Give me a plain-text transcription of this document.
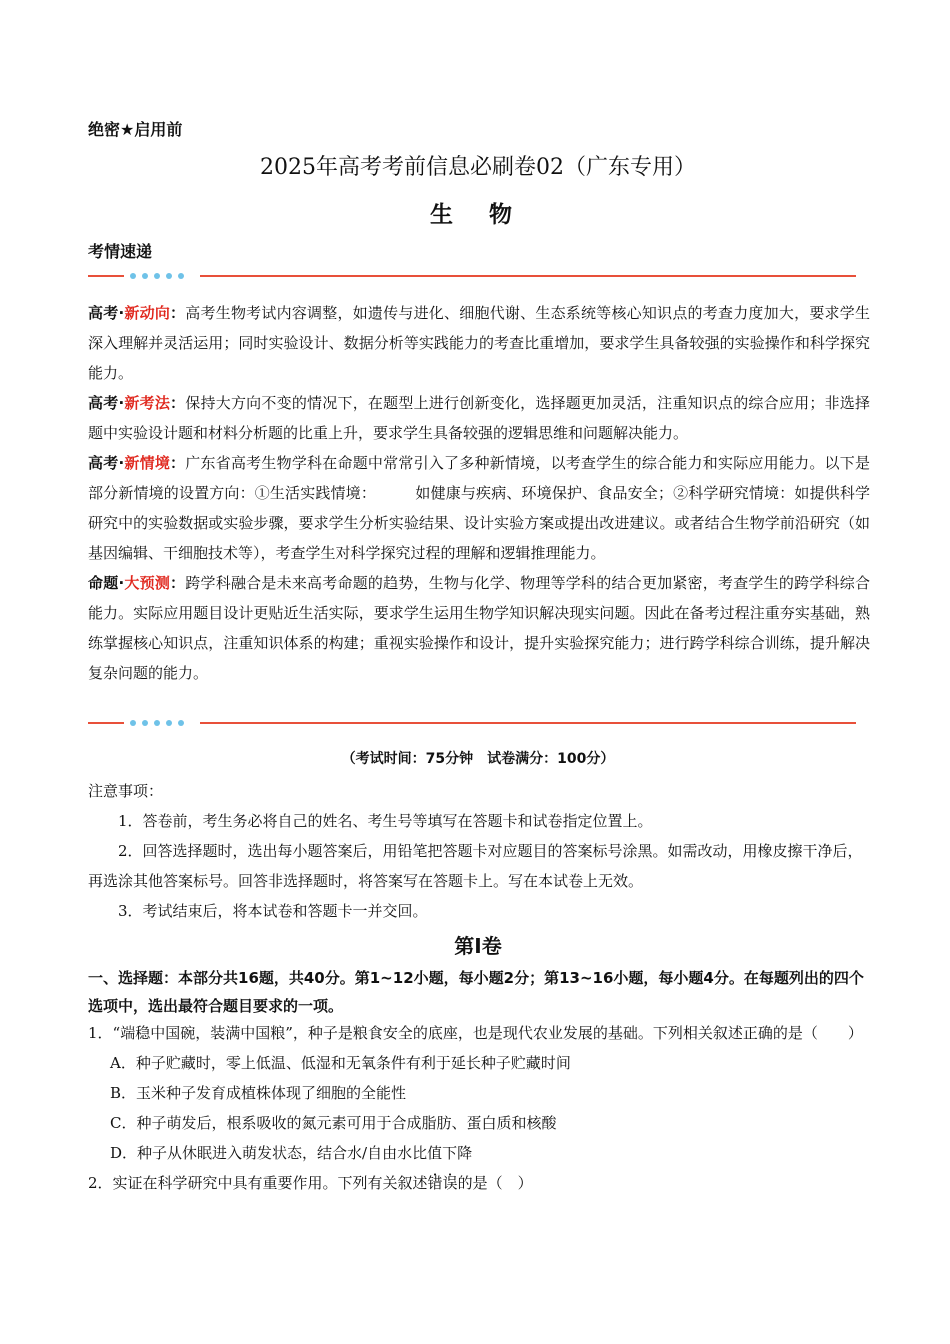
绝密★启用前
2025年高考考前信息必刷卷02（广东专用）
生 物
考情速递

高考·新动向：高考生物考试内容调整，如遗传与进化、细胞代谢、生态系统等核心知识点的考查力度加大，要求学生深入理解并灵活运用；同时实验设计、数据分析等实践能力的考查比重增加，要求学生具备较强的实验操作和科学探究能力。

高考·新考法：保持大方向不变的情况下，在题型上进行创新变化，选择题更加灵活，注重知识点的综合应用；非选择题中实验设计题和材料分析题的比重上升，要求学生具备较强的逻辑思维和问题解决能力。

高考·新情境：广东省高考生物学科在命题中常常引入了多种新情境，以考查学生的综合能力和实际应用能力。以下是部分新情境的设置方向：①生活实践情境：        如健康与疾病、环境保护、食品安全；②科学研究情境：如提供科学研究中的实验数据或实验步骤，要求学生分析实验结果、设计实验方案或提出改进建议。或者结合生物学前沿研究（如基因编辑、干细胞技术等），考查学生对科学探究过程的理解和逻辑推理能力。

命题·大预测：跨学科融合是未来高考命题的趋势，生物与化学、物理等学科的结合更加紧密，考查学生的跨学科综合能力。实际应用题目设计更贴近生活实际，要求学生运用生物学知识解决现实问题。因此在备考过程注重夯实基础，熟练掌握核心知识点，注重知识体系的构建；重视实验操作和设计，提升实验探究能力；进行跨学科综合训练，提升解决复杂问题的能力。

（考试时间：75分钟　试卷满分：100分）

注意事项：

1．答卷前，考生务必将自己的姓名、考生号等填写在答题卡和试卷指定位置上。

2．回答选择题时，选出每小题答案后，用铅笔把答题卡对应题目的答案标号涂黑。如需改动，用橡皮擦干净后，再选涂其他答案标号。回答非选择题时，将答案写在答题卡上。写在本试卷上无效。

3．考试结束后，将本试卷和答题卡一并交回。

第Ⅰ卷

一、选择题：本部分共16题，共40分。第1~12小题，每小题2分；第13~16小题，每小题4分。在每题列出的四个选项中，选出最符合题目要求的一项。

1．“端稳中国碗，装满中国粮”，种子是粮食安全的底座，也是现代农业发展的基础。下列相关叙述正确的是（　　）

A．种子贮藏时，零上低温、低湿和无氧条件有利于延长种子贮藏时间

B．玉米种子发育成植株体现了细胞的全能性

C．种子萌发后，根系吸收的氮元素可用于合成脂肪、蛋白质和核酸

D．种子从休眠进入萌发状态，结合水/自由水比值下降

2．实证在科学研究中具有重要作用。下列有关叙述错误的是（　）
